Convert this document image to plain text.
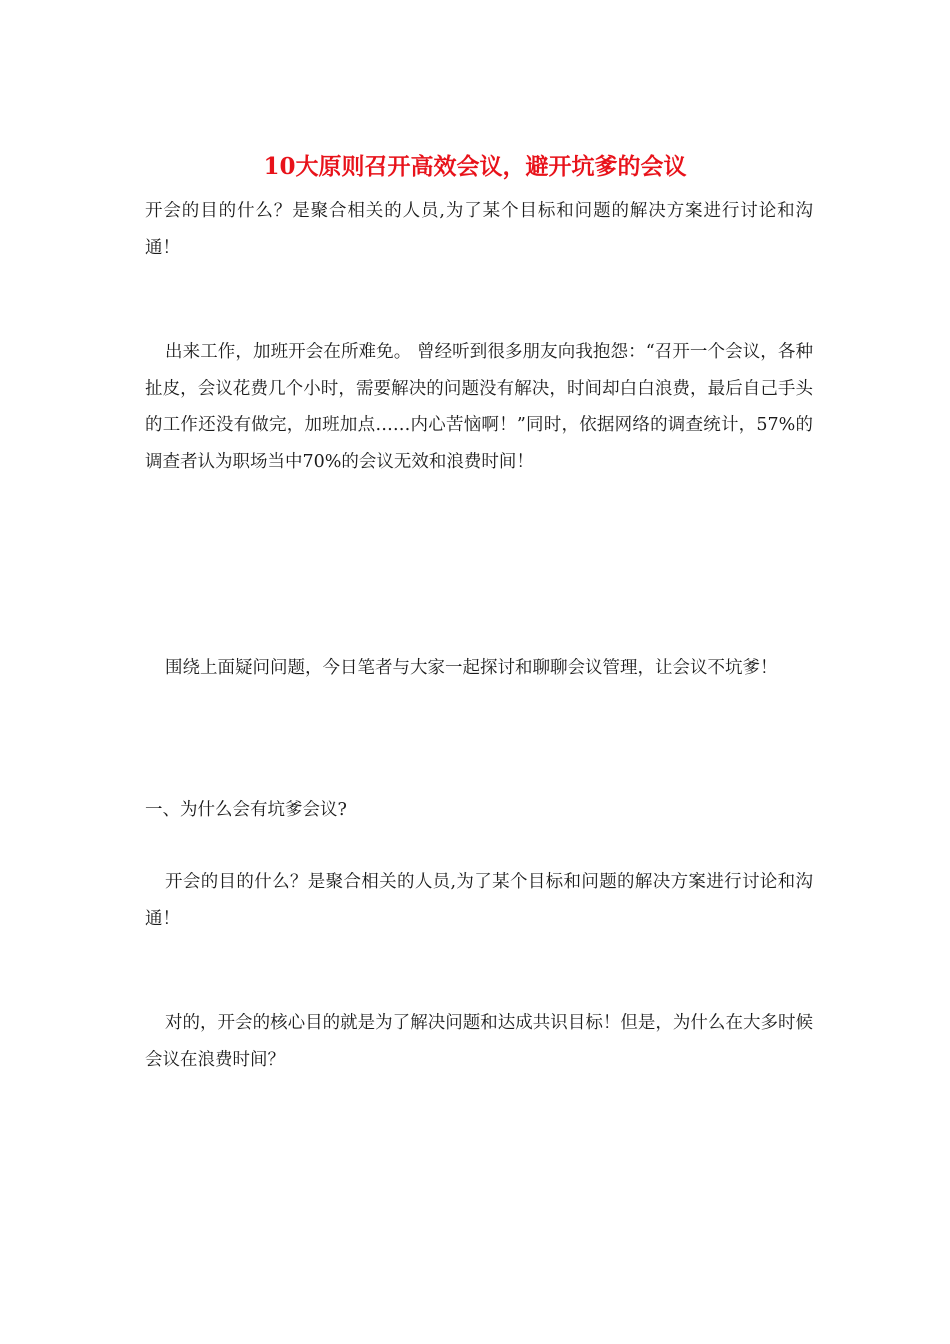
10大原则召开高效会议，避开坑爹的会议

开会的目的什么？是聚合相关的人员,为了某个目标和问题的解决方案进行讨论和沟通！

出来工作，加班开会在所难免。 曾经听到很多朋友向我抱怨：“召开一个会议，各种扯皮，会议花费几个小时，需要解决的问题没有解决，时间却白白浪费，最后自己手头的工作还没有做完，加班加点……内心苦恼啊！”同时，依据网络的调查统计，57%的调查者认为职场当中70%的会议无效和浪费时间！

围绕上面疑问问题，今日笔者与大家一起探讨和聊聊会议管理，让会议不坑爹！

一、为什么会有坑爹会议?

开会的目的什么？是聚合相关的人员,为了某个目标和问题的解决方案进行讨论和沟通！

对的，开会的核心目的就是为了解决问题和达成共识目标！但是，为什么在大多时候会议在浪费时间？
